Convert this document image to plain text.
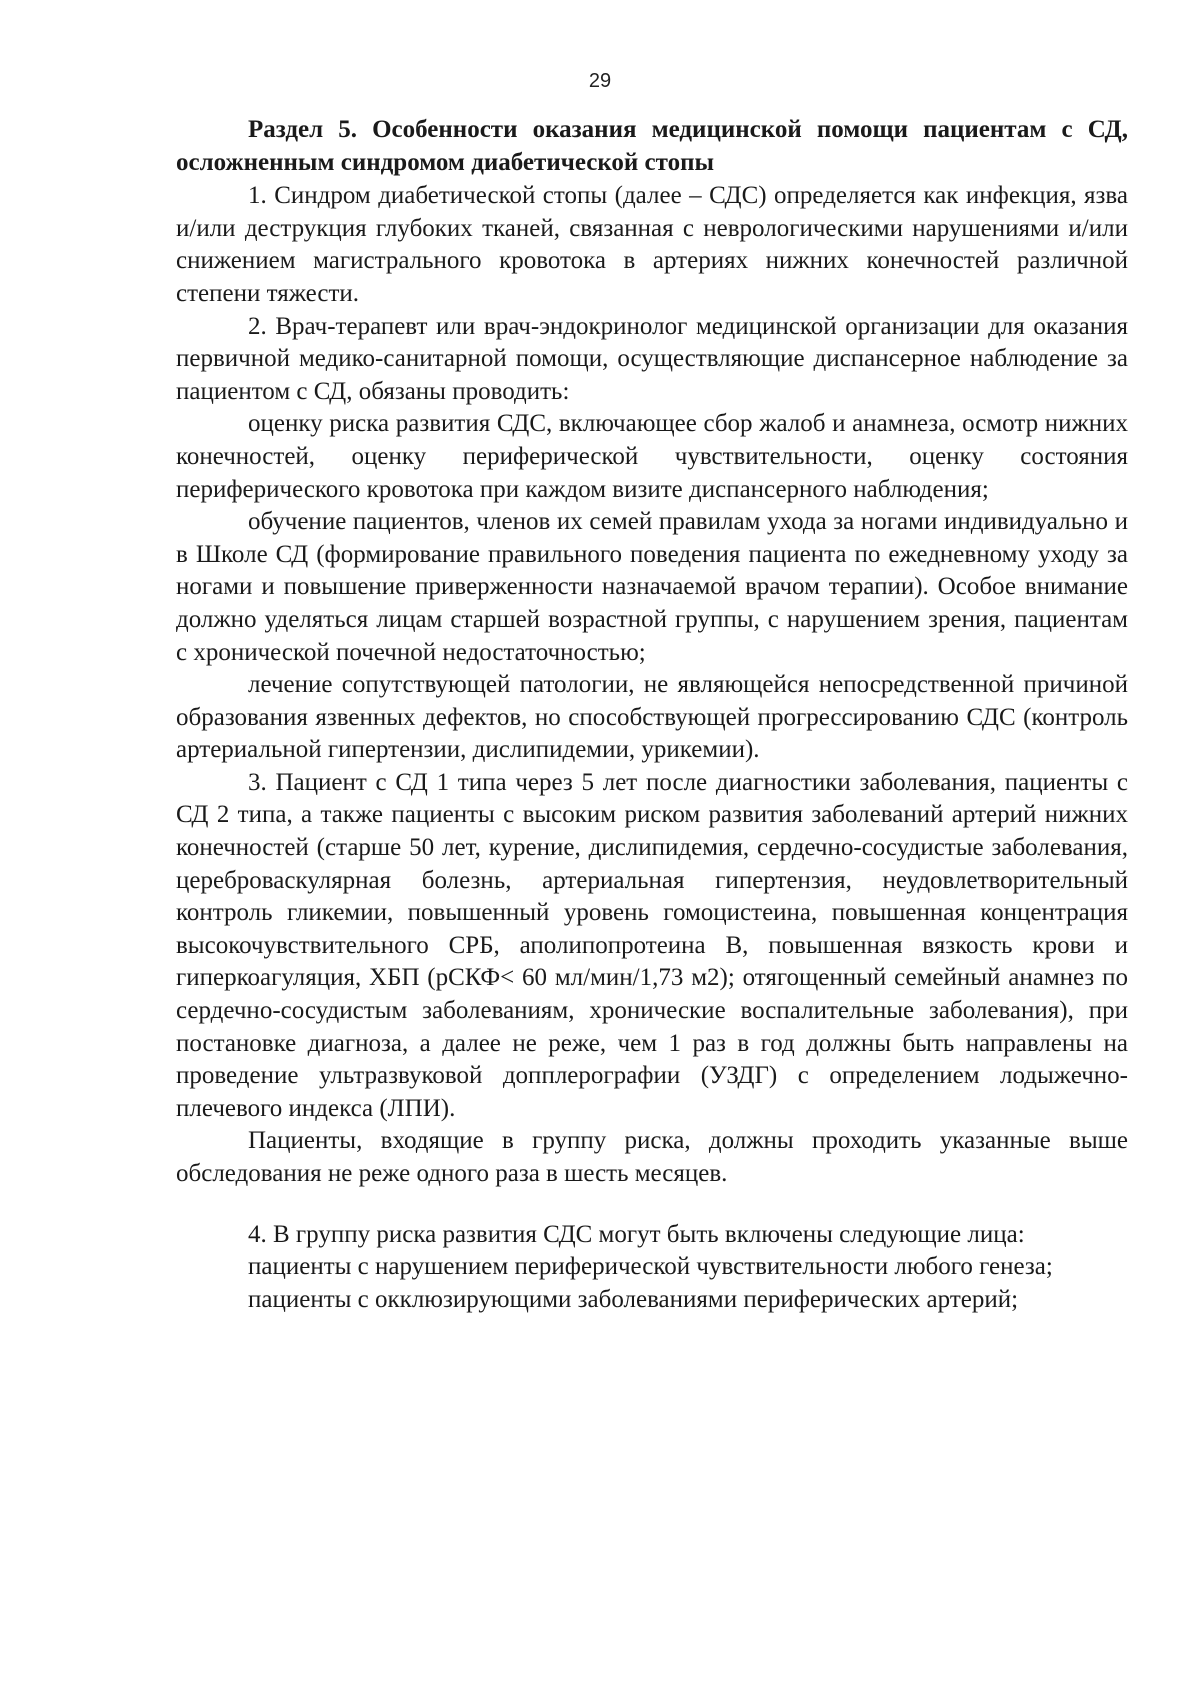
29

Раздел 5. Особенности оказания медицинской помощи пациентам с СД, осложненным синдромом диабетической стопы

1. Синдром диабетической стопы (далее – СДС) определяется как инфекция, язва и/или деструкция глубоких тканей, связанная с неврологическими нарушениями и/или снижением магистрального кровотока в артериях нижних конечностей различной степени тяжести.

2. Врач-терапевт или врач-эндокринолог медицинской организации для оказания первичной медико-санитарной помощи, осуществляющие диспансерное наблюдение за пациентом с СД, обязаны проводить:

оценку риска развития СДС, включающее сбор жалоб и анамнеза, осмотр нижних конечностей, оценку периферической чувствительности, оценку состояния периферического кровотока при каждом визите диспансерного наблюдения;

обучение пациентов, членов их семей правилам ухода за ногами индивидуально и в Школе СД (формирование правильного поведения пациента по ежедневному уходу за ногами и повышение приверженности назначаемой врачом терапии). Особое внимание должно уделяться лицам старшей возрастной группы, с нарушением зрения, пациентам с хронической почечной недостаточностью;

лечение сопутствующей патологии, не являющейся непосредственной причиной образования язвенных дефектов, но способствующей прогрессированию СДС (контроль артериальной гипертензии, дислипидемии, урикемии).

3. Пациент с СД 1 типа через 5 лет после диагностики заболевания, пациенты с СД 2 типа, а также пациенты с высоким риском развития заболеваний артерий нижних конечностей (старше 50 лет, курение, дислипидемия, сердечно-сосудистые заболевания, цереброваскулярная болезнь, артериальная гипертензия, неудовлетворительный контроль гликемии, повышенный уровень гомоцистеина, повышенная концентрация высокочувствительного СРБ, аполипопротеина В, повышенная вязкость крови и гиперкоагуляция, ХБП (рСКФ< 60 мл/мин/1,73 м2); отягощенный семейный анамнез по сердечно-сосудистым заболеваниям, хронические воспалительные заболевания), при постановке диагноза, а далее не реже, чем 1 раз в год должны быть направлены на проведение ультразвуковой допплерографии (УЗДГ) с определением лодыжечно-плечевого индекса (ЛПИ).

Пациенты, входящие в группу риска, должны проходить указанные выше обследования не реже одного раза в шесть месяцев.

4. В группу риска развития СДС могут быть включены следующие лица:

пациенты с нарушением периферической чувствительности любого генеза;

пациенты с окклюзирующими заболеваниями периферических артерий;
